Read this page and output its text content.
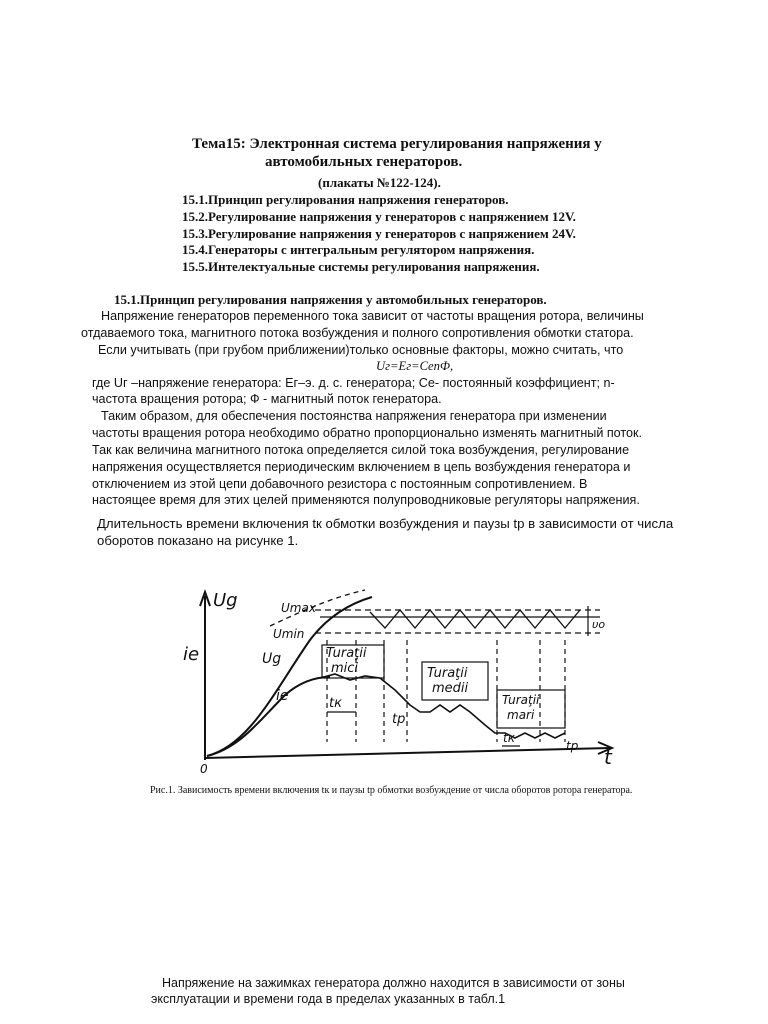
Тема15: Электронная система регулирования напряжения у
автомобильных генераторов.
(плакаты №122-124).
15.1.Принцип регулирования напряжения генераторов.
15.2.Регулирование напряжения у генераторов с напряжением 12V.
15.3.Регулирование напряжения у генераторов с напряжением 24V.
15.4.Генераторы с интегральным регулятором напряжения.
15.5.Интелектуальные системы регулирования напряжения.
15.1.Принцип регулирования напряжения у автомобильных генераторов.
Напряжение генераторов переменного тока зависит от частоты вращения ротора, величины
отдаваемого тока, магнитного потока возбуждения и полного сопротивления обмотки статора.
Если учитывать (при грубом приближении)только основные факторы, можно считать, что
Uг=Eг=CenФ,
где Uг –напряжение генератора: Eг–э. д. с. генератора; Ce- постоянный коэффициент; n-
частота вращения ротора; Ф - магнитный поток генератора.
Таким образом, для обеспечения постоянства напряжения генератора при изменении
частоты вращения ротора необходимо обратно пропорционально изменять магнитный поток.
Так как величина магнитного потока определяется силой тока возбуждения, регулирование
напряжения осуществляется периодическим включением в цепь возбуждения генератора и
отключением из этой цепи добавочного резистора с постоянным сопротивлением. В
настоящее время для этих целей применяются полупроводниковые регуляторы напряжения.
Длительность времени включения tк обмотки возбуждения и паузы tр в зависимости от числа
оборотов показано на рисунке 1.
Ug
ie
t
0
Umax
Umin
Ug
ie
υo
tк
tр
tк
tр
Turaţii
mici	Turaţii
medii
Turaţii
mari
Рис.1. Зависимость времени включения tк и паузы tр обмотки возбуждение от числа оборотов ротора генератора.
Напряжение на зажимках генератора должно находится в зависимости от зоны
эксплуатации и времени года в пределах указанных в табл.1
